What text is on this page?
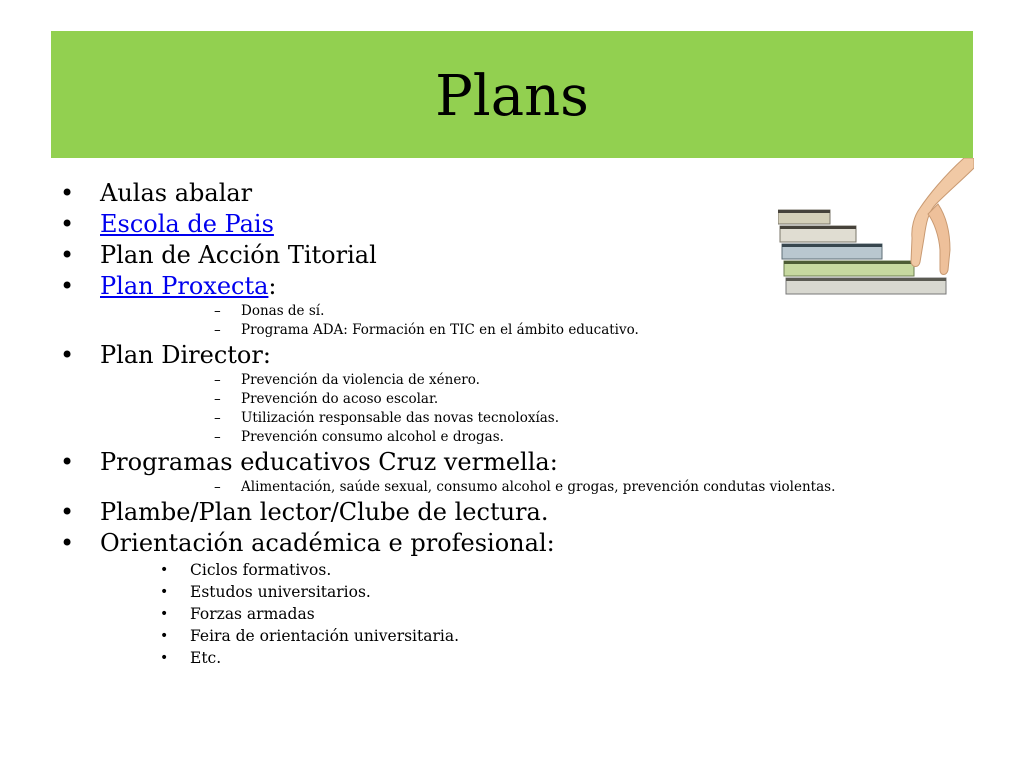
Plans
• Aulas abalar
• Escola de Pais
• Plan de Acción Titorial
• Plan Proxecta:
– Donas de sí.
– Programa ADA: Formación en TIC en el ámbito educativo.
• Plan Director:
– Prevención da violencia de xénero.
– Prevención do acoso escolar.
– Utilización responsable das novas tecnoloxías.
– Prevención consumo alcohol e drogas.
• Programas educativos Cruz vermella:
– Alimentación, saúde sexual, consumo alcohol e grogas, prevención condutas violentas.
• Plambe/Plan lector/Clube de lectura.
• Orientación académica e profesional:
• Ciclos formativos.
• Estudos universitarios.
• Forzas armadas
• Feira de orientación universitaria.
• Etc.
